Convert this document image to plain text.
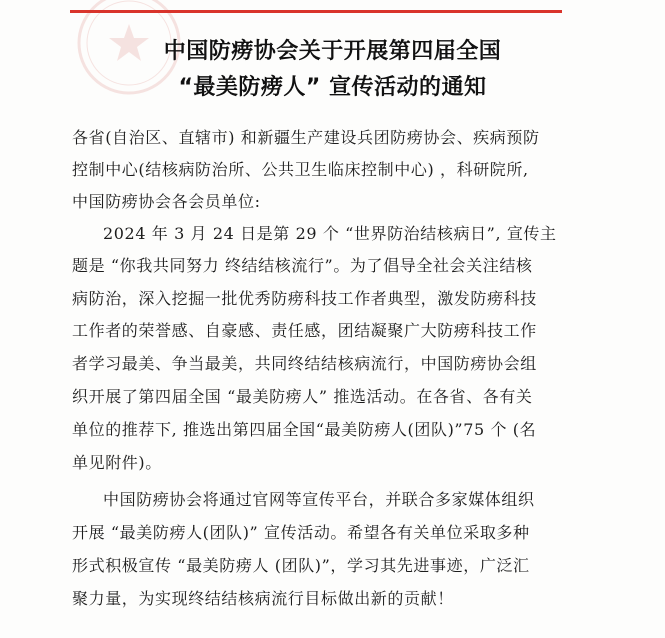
中国防痨协会关于开展第四届全国
“最美防痨人” 宣传活动的通知

各省(自治区、直辖市) 和新疆生产建设兵团防痨协会、疾病预防

控制中心(结核病防治所、公共卫生临床控制中心) ，科研院所,

中国防痨协会各会员单位:

2024 年 3 月 24 日是第 29 个 “世界防治结核病日”, 宣传主

题是 “你我共同努力 终结结核流行”。为了倡导全社会关注结核

病防治，深入挖掘一批优秀防痨科技工作者典型，激发防痨科技

工作者的荣誉感、自豪感、责任感，团结凝聚广大防痨科技工作

者学习最美、争当最美，共同终结结核病流行，中国防痨协会组

织开展了第四届全国 “最美防痨人” 推选活动。在各省、各有关

单位的推荐下, 推选出第四届全国“最美防痨人(团队)”75 个 (名

单见附件)。

中国防痨协会将通过官网等宣传平台，并联合多家媒体组织

开展 “最美防痨人(团队)” 宣传活动。希望各有关单位采取多种

形式积极宣传 “最美防痨人 (团队)”，学习其先进事迹，广泛汇

聚力量，为实现终结结核病流行目标做出新的贡献！
